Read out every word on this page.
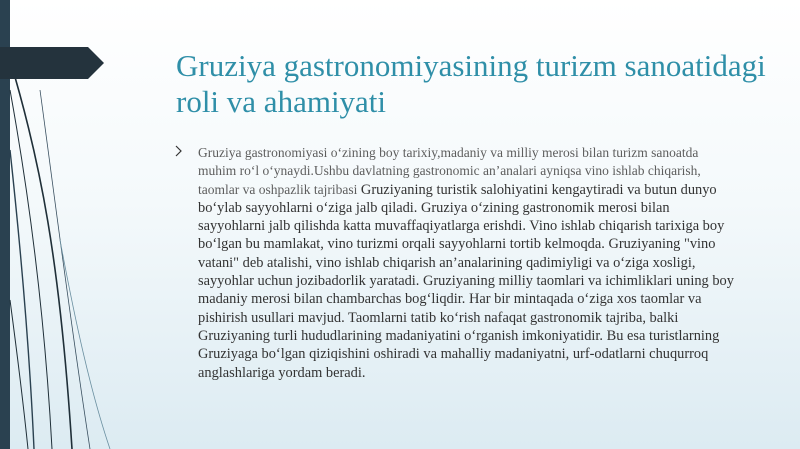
Gruziya gastronomiyasining turizm sanoatidagi roli va ahamiyati

Gruziya gastronomiyasi o‘zining boy tarixiy,madaniy va milliy merosi bilan turizm sanoatda muhim ro‘l o‘ynaydi.Ushbu davlatning gastronomic an’analari ayniqsa vino ishlab chiqarish, taomlar va oshpazlik tajribasi Gruziyaning turistik salohiyatini kengaytiradi va butun dunyo bo‘ylab sayyohlarni o‘ziga jalb qiladi. Gruziya o‘zining gastronomik merosi bilan sayyohlarni jalb qilishda katta muvaffaqiyatlarga erishdi. Vino ishlab chiqarish tarixiga boy bo‘lgan bu mamlakat, vino turizmi orqali sayyohlarni tortib kelmoqda. Gruziyaning "vino vatani" deb atalishi, vino ishlab chiqarish an’analarining qadimiyligi va o‘ziga xosligi, sayyohlar uchun jozibadorlik yaratadi. Gruziyaning milliy taomlari va ichimliklari uning boy madaniy merosi bilan chambarchas bog‘liqdir. Har bir mintaqada o‘ziga xos taomlar va pishirish usullari mavjud. Taomlarni tatib ko‘rish nafaqat gastronomik tajriba, balki Gruziyaning turli hududlarining madaniyatini o‘rganish imkoniyatidir. Bu esa turistlarning Gruziyaga bo‘lgan qiziqishini oshiradi va mahalliy madaniyatni, urf-odatlarni chuqurroq anglashlariga yordam beradi.
